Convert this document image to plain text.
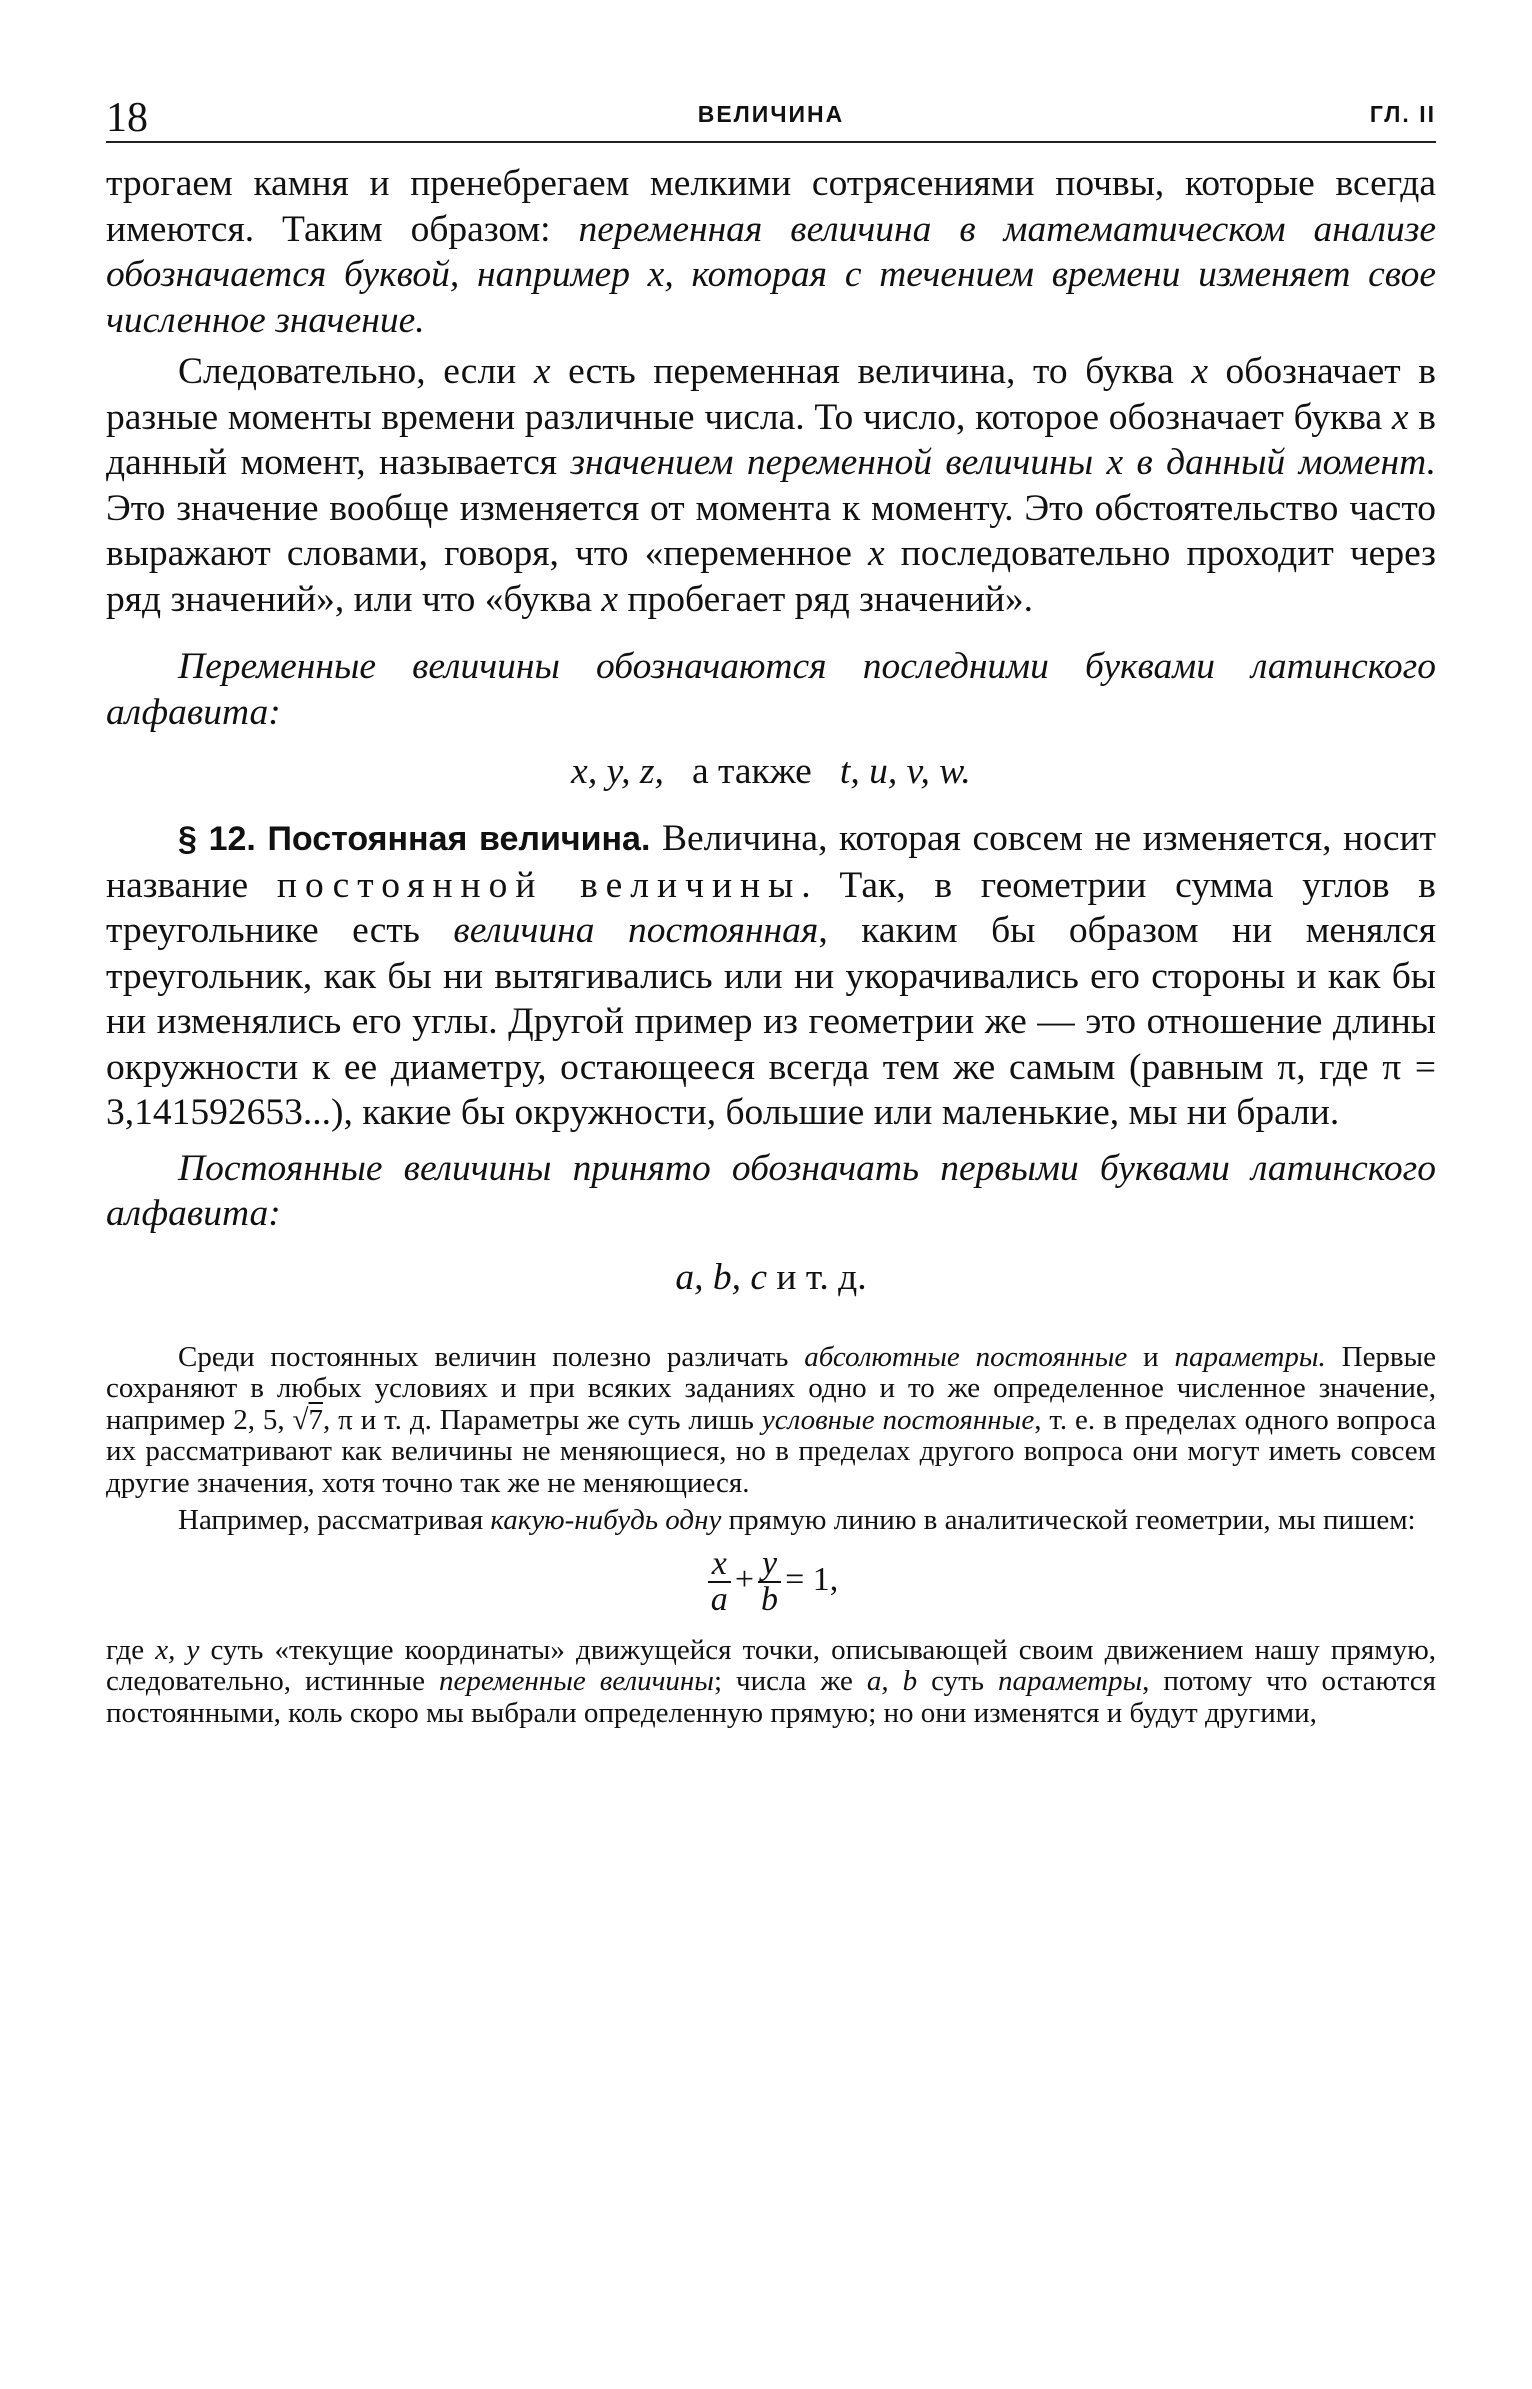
18	ВЕЛИЧИНА	ГЛ. II

трогаем камня и пренебрегаем мелкими сотрясениями почвы, которые всегда имеются. Таким образом: переменная величина в математическом анализе обозначается буквой, например x, которая с течением времени изменяет свое численное значение.

Следовательно, если x есть переменная величина, то буква x обозначает в разные моменты времени различные числа. То число, которое обозначает буква x в данный момент, называется значением переменной величины x в данный момент. Это значение вообще изменяется от момента к моменту. Это обстоятельство часто выражают словами, говоря, что «переменное x последовательно проходит через ряд значений», или что «буква x пробегает ряд значений».

Переменные величины обозначаются последними буквами латинского алфавита:

x, y, z, а также t, u, v, w.

§ 12. Постоянная величина. Величина, которая совсем не изменяется, носит название постоянной величины. Так, в геометрии сумма углов в треугольнике есть величина постоянная, каким бы образом ни менялся треугольник, как бы ни вытягивались или ни укорачивались его стороны и как бы ни изменялись его углы. Другой пример из геометрии же — это отношение длины окружности к ее диаметру, остающееся всегда тем же самым (равным π, где π = 3,141592653...), какие бы окружности, большие или маленькие, мы ни брали.

Постоянные величины принято обозначать первыми буквами латинского алфавита:

a, b, c и т. д.

Среди постоянных величин полезно различать абсолютные постоянные и параметры. Первые сохраняют в любых условиях и при всяких заданиях одно и то же определенное численное значение, например 2, 5, √7, π и т. д. Параметры же суть лишь условные постоянные, т. е. в пределах одного вопроса их рассматривают как величины не меняющиеся, но в пределах другого вопроса они могут иметь совсем другие значения, хотя точно так же не меняющиеся.

Например, рассматривая какую-нибудь одну прямую линию в аналитической геометрии, мы пишем:

$\frac{x}{a} + \frac{y}{b} = 1$,

где x, y суть «текущие координаты» движущейся точки, описывающей своим движением нашу прямую, следовательно, истинные переменные величины; числа же a, b суть параметры, потому что остаются постоянными, коль скоро мы выбрали определенную прямую; но они изменятся и будут другими,
